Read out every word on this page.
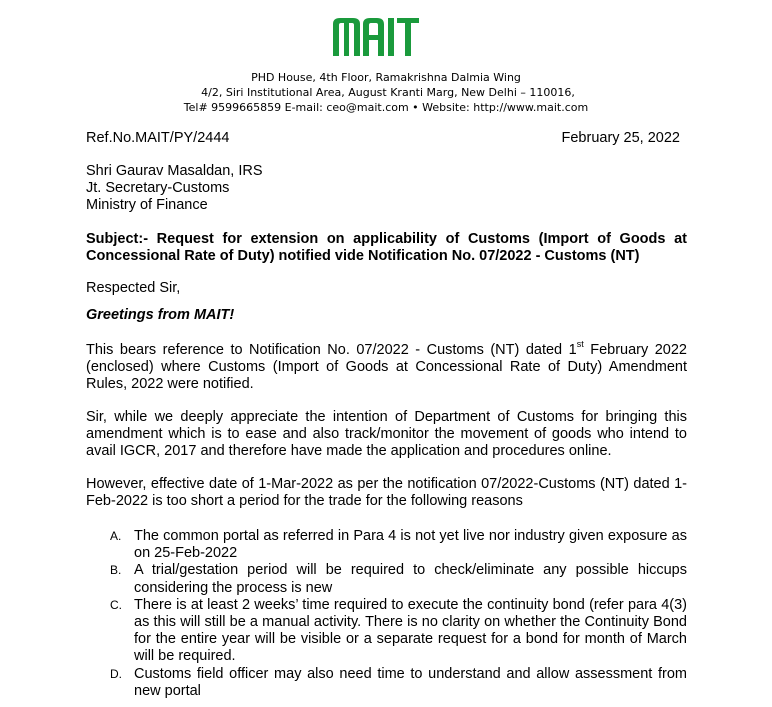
PHD House, 4th Floor, Ramakrishna Dalmia Wing
4/2, Siri Institutional Area, August Kranti Marg, New Delhi – 110016,
Tel# 9599665859 E-mail: ceo@mait.com • Website: http://www.mait.com
Ref.No.MAIT/PY/2444	February 25, 2022
Shri Gaurav Masaldan, IRS
Jt. Secretary-Customs
Ministry of Finance
Subject:- Request for extension on applicability of Customs (Import of Goods at Concessional Rate of Duty) notified vide Notification No. 07/2022 - Customs (NT)
Respected Sir,
Greetings from MAIT!
This bears reference to Notification No. 07/2022 - Customs (NT) dated 1st February 2022 (enclosed) where Customs (Import of Goods at Concessional Rate of Duty) Amendment Rules, 2022 were notified.
Sir, while we deeply appreciate the intention of Department of Customs for bringing this amendment which is to ease and also track/monitor the movement of goods who intend to avail IGCR, 2017 and therefore have made the application and procedures online.
However, effective date of 1-Mar-2022 as per the notification 07/2022-Customs (NT) dated 1-Feb-2022 is too short a period for the trade for the following reasons
A. The common portal as referred in Para 4 is not yet live nor industry given exposure as on 25-Feb-2022
B. A trial/gestation period will be required to check/eliminate any possible hiccups considering the process is new
C. There is at least 2 weeks’ time required to execute the continuity bond (refer para 4(3) as this will still be a manual activity. There is no clarity on whether the Continuity Bond for the entire year will be visible or a separate request for a bond for month of March will be required.
D. Customs field officer may also need time to understand and allow assessment from new portal
